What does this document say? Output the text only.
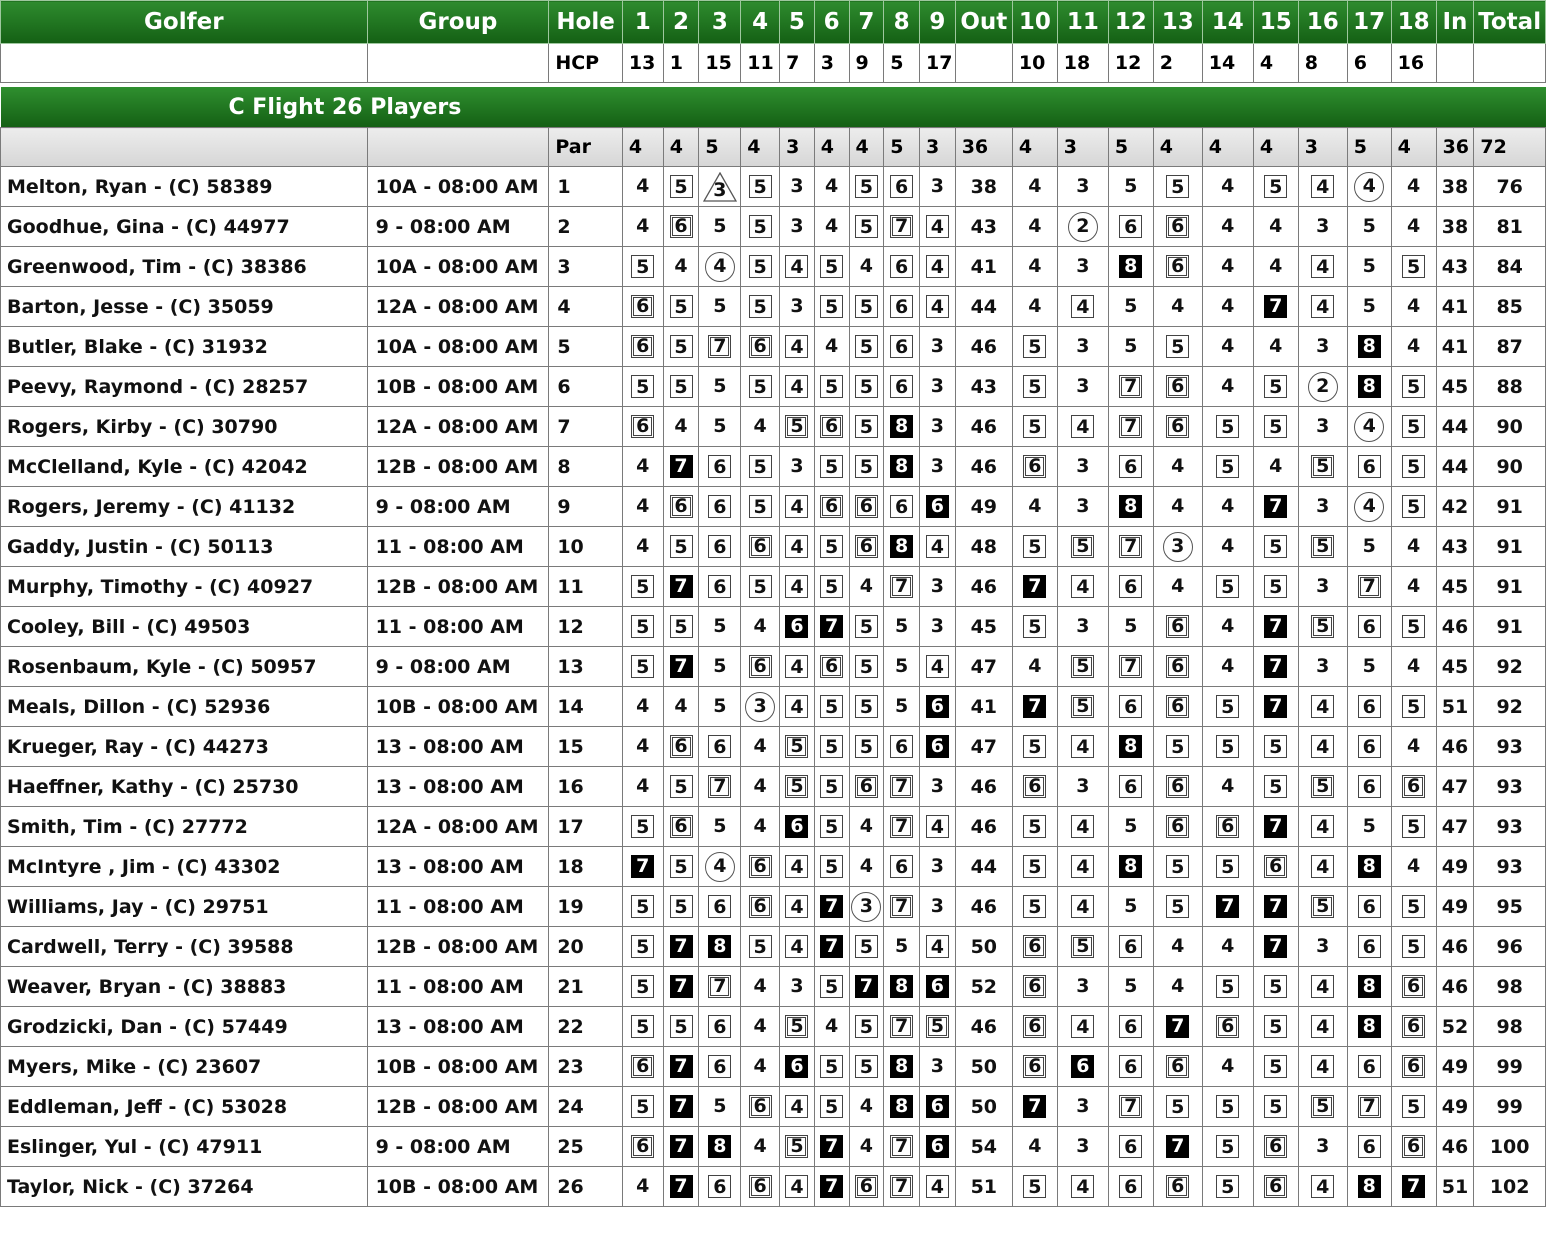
Golfer	Group	Hole	1	2	3	4	5	6	7	8	9	Out	10	11	12	13	14	15	16	17	18	In	Total
		HCP	13	1	15	11	7	3	9	5	17		10	18	12	2	14	4	8	6	16		

C Flight 26 Players																							
		Par	4	4	5	4	3	4	4	5	3	36	4	3	5	4	4	4	3	5	4	36	72
Melton, Ryan - (C) 58389	10A - 08:00 AM	1	4	5	3	5	3	4	5	6	3	38	4	3	5	5	4	5	4	4	4	38	76
Goodhue, Gina - (C) 44977	9 - 08:00 AM	2	4	6	5	5	3	4	5	7	4	43	4	2	6	6	4	4	3	5	4	38	81
Greenwood, Tim - (C) 38386	10A - 08:00 AM	3	5	4	4	5	4	5	4	6	4	41	4	3	8	6	4	4	4	5	5	43	84
Barton, Jesse - (C) 35059	12A - 08:00 AM	4	6	5	5	5	3	5	5	6	4	44	4	4	5	4	4	7	4	5	4	41	85
Butler, Blake - (C) 31932	10A - 08:00 AM	5	6	5	7	6	4	4	5	6	3	46	5	3	5	5	4	4	3	8	4	41	87
Peevy, Raymond - (C) 28257	10B - 08:00 AM	6	5	5	5	5	4	5	5	6	3	43	5	3	7	6	4	5	2	8	5	45	88
Rogers, Kirby - (C) 30790	12A - 08:00 AM	7	6	4	5	4	5	6	5	8	3	46	5	4	7	6	5	5	3	4	5	44	90
McClelland, Kyle - (C) 42042	12B - 08:00 AM	8	4	7	6	5	3	5	5	8	3	46	6	3	6	4	5	4	5	6	5	44	90
Rogers, Jeremy - (C) 41132	9 - 08:00 AM	9	4	6	6	5	4	6	6	6	6	49	4	3	8	4	4	7	3	4	5	42	91
Gaddy, Justin - (C) 50113	11 - 08:00 AM	10	4	5	6	6	4	5	6	8	4	48	5	5	7	3	4	5	5	5	4	43	91
Murphy, Timothy - (C) 40927	12B - 08:00 AM	11	5	7	6	5	4	5	4	7	3	46	7	4	6	4	5	5	3	7	4	45	91
Cooley, Bill - (C) 49503	11 - 08:00 AM	12	5	5	5	4	6	7	5	5	3	45	5	3	5	6	4	7	5	6	5	46	91
Rosenbaum, Kyle - (C) 50957	9 - 08:00 AM	13	5	7	5	6	4	6	5	5	4	47	4	5	7	6	4	7	3	5	4	45	92
Meals, Dillon - (C) 52936	10B - 08:00 AM	14	4	4	5	3	4	5	5	5	6	41	7	5	6	6	5	7	4	6	5	51	92
Krueger, Ray - (C) 44273	13 - 08:00 AM	15	4	6	6	4	5	5	5	6	6	47	5	4	8	5	5	5	4	6	4	46	93
Haeffner, Kathy - (C) 25730	13 - 08:00 AM	16	4	5	7	4	5	5	6	7	3	46	6	3	6	6	4	5	5	6	6	47	93
Smith, Tim - (C) 27772	12A - 08:00 AM	17	5	6	5	4	6	5	4	7	4	46	5	4	5	6	6	7	4	5	5	47	93
McIntyre , Jim - (C) 43302	13 - 08:00 AM	18	7	5	4	6	4	5	4	6	3	44	5	4	8	5	5	6	4	8	4	49	93
Williams, Jay - (C) 29751	11 - 08:00 AM	19	5	5	6	6	4	7	3	7	3	46	5	4	5	5	7	7	5	6	5	49	95
Cardwell, Terry - (C) 39588	12B - 08:00 AM	20	5	7	8	5	4	7	5	5	4	50	6	5	6	4	4	7	3	6	5	46	96
Weaver, Bryan - (C) 38883	11 - 08:00 AM	21	5	7	7	4	3	5	7	8	6	52	6	3	5	4	5	5	4	8	6	46	98
Grodzicki, Dan - (C) 57449	13 - 08:00 AM	22	5	5	6	4	5	4	5	7	5	46	6	4	6	7	6	5	4	8	6	52	98
Myers, Mike - (C) 23607	10B - 08:00 AM	23	6	7	6	4	6	5	5	8	3	50	6	6	6	6	4	5	4	6	6	49	99
Eddleman, Jeff - (C) 53028	12B - 08:00 AM	24	5	7	5	6	4	5	4	8	6	50	7	3	7	5	5	5	5	7	5	49	99
Eslinger, Yul - (C) 47911	9 - 08:00 AM	25	6	7	8	4	5	7	4	7	6	54	4	3	6	7	5	6	3	6	6	46	100
Taylor, Nick - (C) 37264	10B - 08:00 AM	26	4	7	6	6	4	7	6	7	4	51	5	4	6	6	5	6	4	8	7	51	102
